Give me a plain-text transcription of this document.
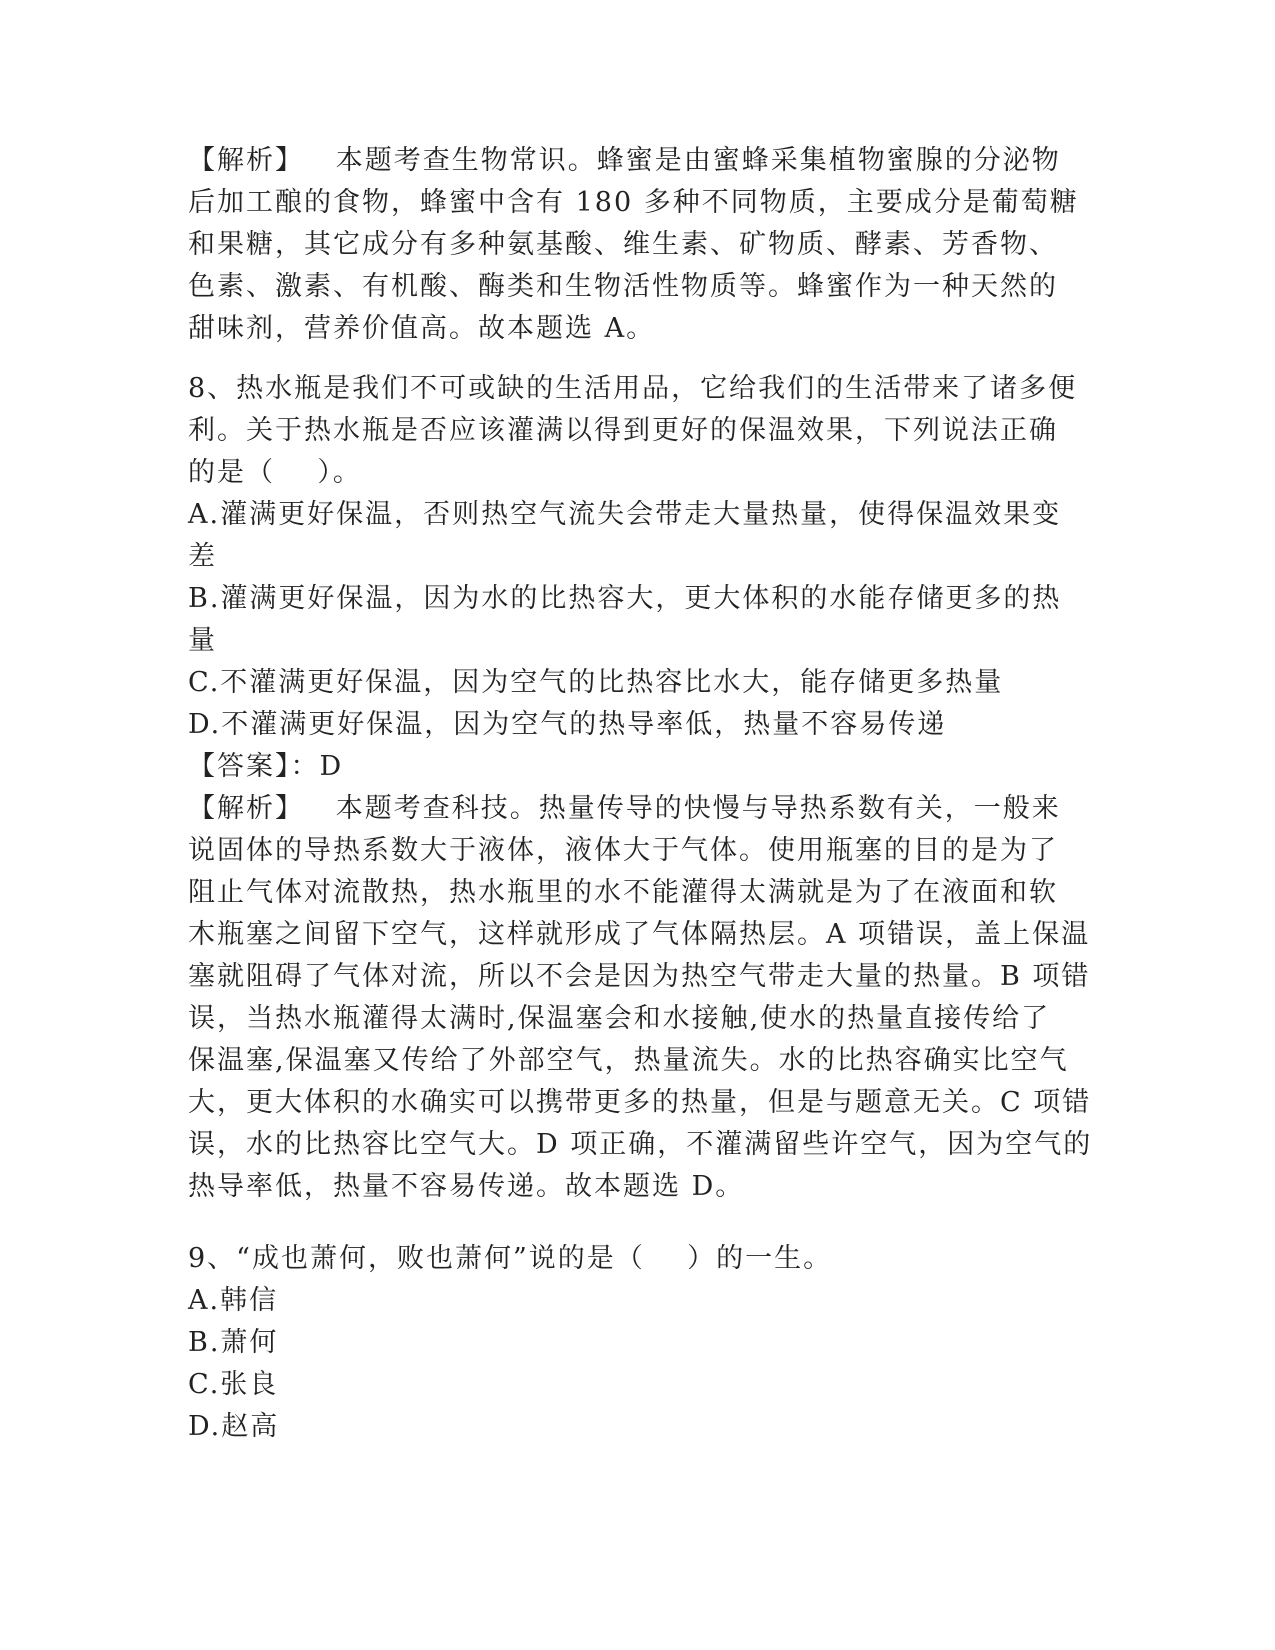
【解析】   本题考查生物常识。蜂蜜是由蜜蜂采集植物蜜腺的分泌物
后加工酿的食物，蜂蜜中含有 180 多种不同物质，主要成分是葡萄糖
和果糖，其它成分有多种氨基酸、维生素、矿物质、酵素、芳香物、
色素、激素、有机酸、酶类和生物活性物质等。蜂蜜作为一种天然的
甜味剂，营养价值高。故本题选 A。
8、热水瓶是我们不可或缺的生活用品，它给我们的生活带来了诸多便
利。关于热水瓶是否应该灌满以得到更好的保温效果，下列说法正确
的是（    ）。
A.灌满更好保温，否则热空气流失会带走大量热量，使得保温效果变
差
B.灌满更好保温，因为水的比热容大，更大体积的水能存储更多的热
量
C.不灌满更好保温，因为空气的比热容比水大，能存储更多热量
D.不灌满更好保温，因为空气的热导率低，热量不容易传递
【答案】：D
【解析】   本题考查科技。热量传导的快慢与导热系数有关，一般来
说固体的导热系数大于液体，液体大于气体。使用瓶塞的目的是为了
阻止气体对流散热，热水瓶里的水不能灌得太满就是为了在液面和软
木瓶塞之间留下空气，这样就形成了气体隔热层。A 项错误，盖上保温
塞就阻碍了气体对流，所以不会是因为热空气带走大量的热量。B 项错
误，当热水瓶灌得太满时,保温塞会和水接触,使水的热量直接传给了
保温塞,保温塞又传给了外部空气，热量流失。水的比热容确实比空气
大，更大体积的水确实可以携带更多的热量，但是与题意无关。C 项错
误，水的比热容比空气大。D 项正确，不灌满留些许空气，因为空气的
热导率低，热量不容易传递。故本题选 D。
9、“成也萧何，败也萧何”说的是（    ）的一生。
A.韩信
B.萧何
C.张良
D.赵高
